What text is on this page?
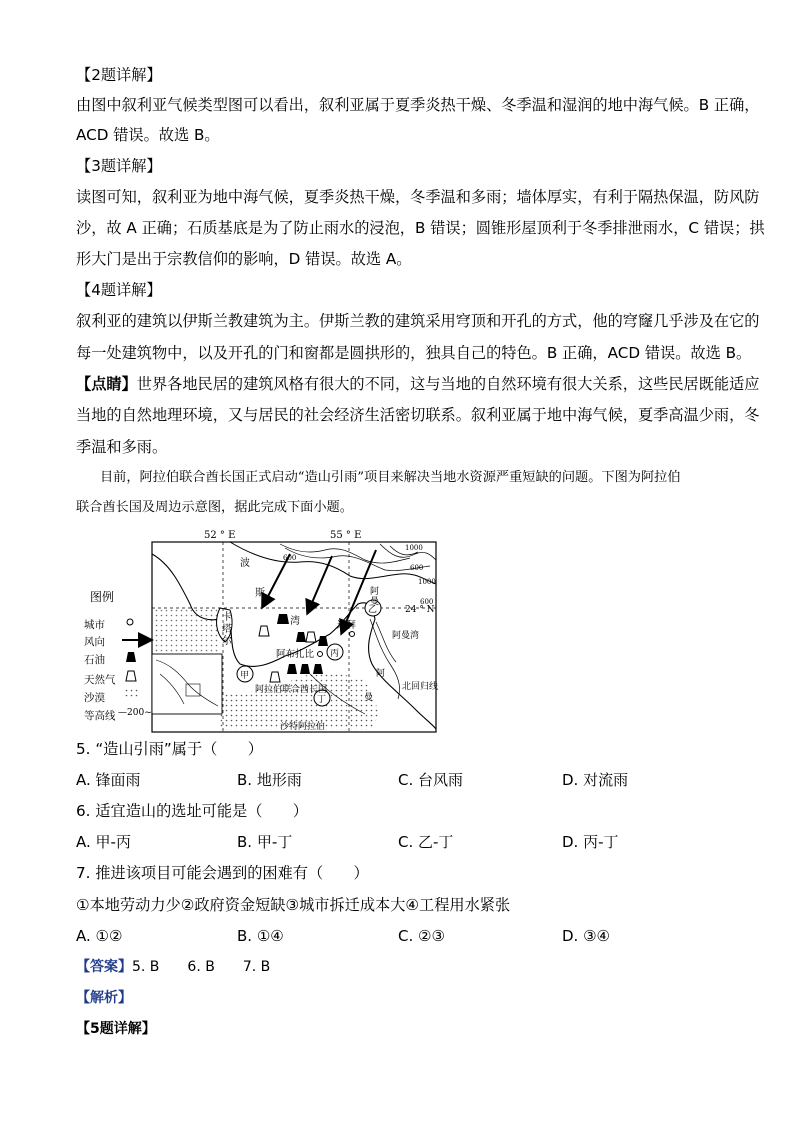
【2题详解】
由图中叙利亚气候类型图可以看出，叙利亚属于夏季炎热干燥、冬季温和湿润的地中海气候。B 正确，
ACD 错误。故选 B。
【3题详解】
读图可知，叙利亚为地中海气候，夏季炎热干燥，冬季温和多雨；墙体厚实，有利于隔热保温，防风防
沙，故 A 正确；石质基底是为了防止雨水的浸泡，B 错误；圆锥形屋顶利于冬季排泄雨水，C 错误；拱
形大门是出于宗教信仰的影响，D 错误。故选 A。
【4题详解】
叙利亚的建筑以伊斯兰教建筑为主。伊斯兰教的建筑采用穹顶和开孔的方式，他的穹窿几乎涉及在它的
每一处建筑物中，以及开孔的门和窗都是圆拱形的，独具自己的特色。B 正确，ACD 错误。故选 B。
【点睛】世界各地民居的建筑风格有很大的不同，这与当地的自然环境有很大关系，这些民居既能适应
当地的自然地理环境，又与居民的社会经济生活密切联系。叙利亚属于地中海气候，夏季高温少雨，冬
季温和多雨。
目前，阿拉伯联合酋长国正式启动“造山引雨”项目来解决当地水资源严重短缺的问题。下图为阿拉伯
联合酋长国及周边示意图，据此完成下面小题。
52 ° E	55 ° E
24 ° N
北回归线
波
斯
湾
卡
塔
尔
迪拜
阿布扎比
阿拉伯联合酋长国
沙特阿拉伯
阿
曼
阿
曼
阿曼湾
甲
乙
丙
丁
600
1000
600
1000
600
图例
城市
风向
石油
天然气
沙漠
等高线 —200~
5. “造山引雨”属于（　　）
A. 锋面雨	B. 地形雨	C. 台风雨	D. 对流雨
6. 适宜造山的选址可能是（　　）
A. 甲-丙	B. 甲-丁	C. 乙-丁	D. 丙-丁
7. 推进该项目可能会遇到的困难有（　　）
①本地劳动力少②政府资金短缺③城市拆迁成本大④工程用水紧张
A. ①②	B. ①④	C. ②③	D. ③④
【答案】5. B　　6. B　　7. B
【解析】
【5题详解】
